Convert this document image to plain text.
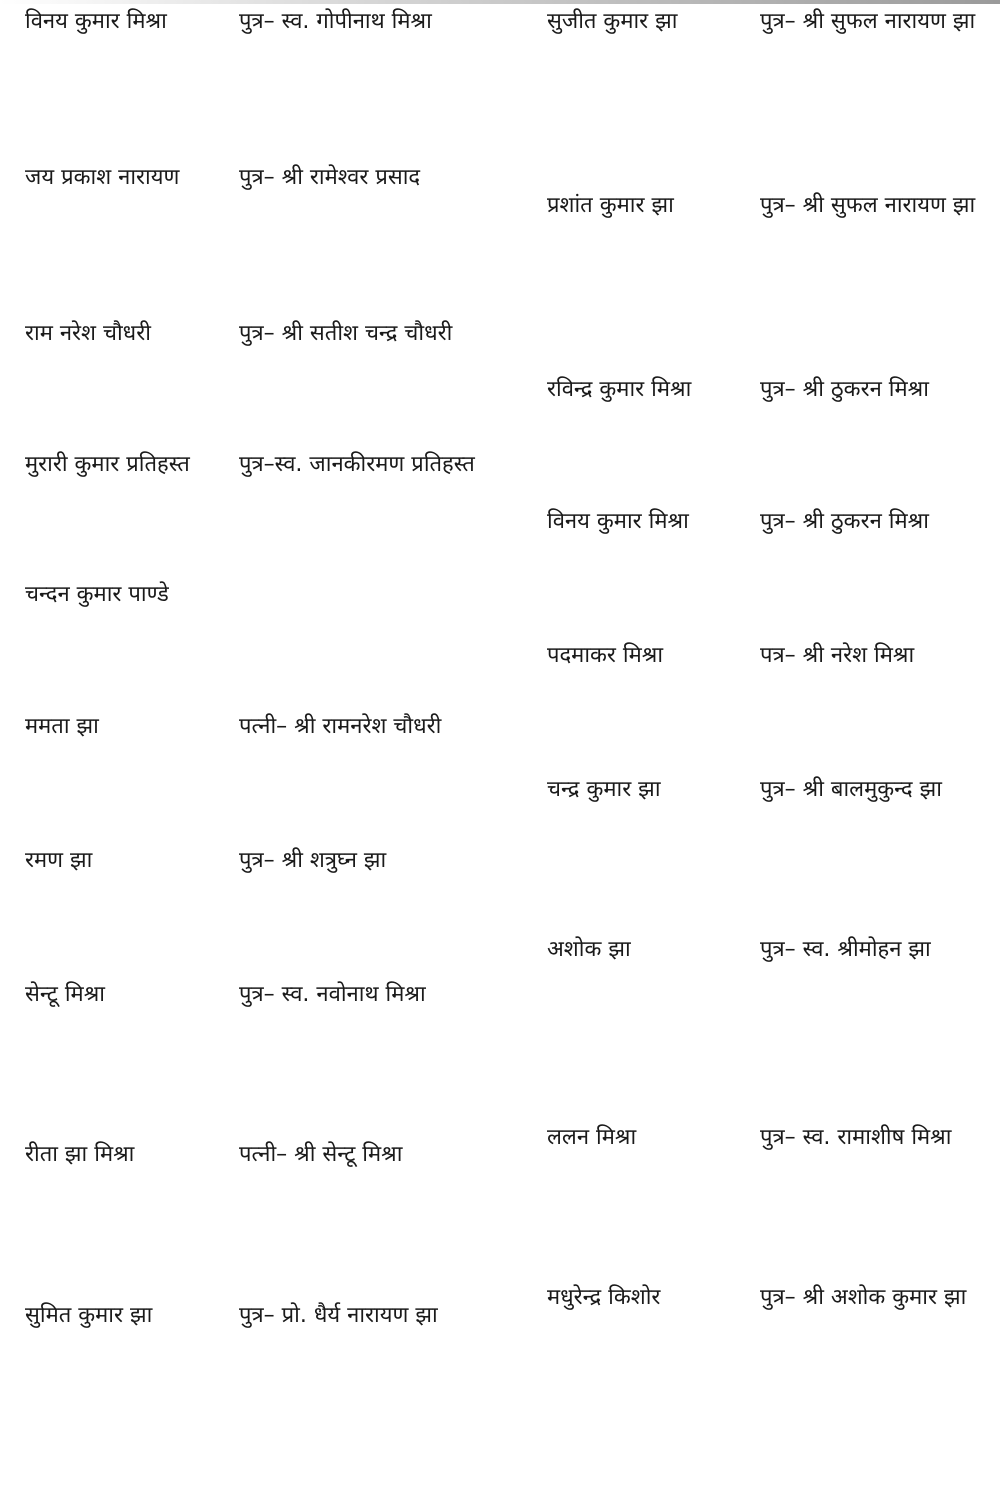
विनय कुमार मिश्रा	पुत्र– स्व. गोपीनाथ मिश्रा
जय प्रकाश नारायण	पुत्र– श्री रामेश्वर प्रसाद
राम नरेश चौधरी	पुत्र– श्री सतीश चन्द्र चौधरी
मुरारी कुमार प्रतिहस्त पुत्र–स्व. जानकीरमण प्रतिहस्त
चन्दन कुमार पाण्डे
ममता झा	पत्नी– श्री रामनरेश चौधरी
रमण झा	पुत्र– श्री शत्रुघ्न झा
सेन्टू मिश्रा	पुत्र– स्व. नवोनाथ मिश्रा
रीता झा मिश्रा	पत्नी– श्री सेन्टू मिश्रा
सुमित कुमार झा	पुत्र– प्रो. धैर्य नारायण झा
सुजीत कुमार झा	पुत्र– श्री सुफल नारायण झा
प्रशांत कुमार झा	पुत्र– श्री सुफल नारायण झा
रविन्द्र कुमार मिश्रा	पुत्र– श्री ठुकरन मिश्रा
विनय कुमार मिश्रा	पुत्र– श्री ठुकरन मिश्रा
पदमाकर मिश्रा	पत्र– श्री नरेश मिश्रा
चन्द्र कुमार झा	पुत्र– श्री बालमुकुन्द झा
अशोक झा	पुत्र– स्व. श्रीमोहन झा
ललन मिश्रा	पुत्र– स्व. रामाशीष मिश्रा
मधुरेन्द्र किशोर	पुत्र– श्री अशोक कुमार झा
